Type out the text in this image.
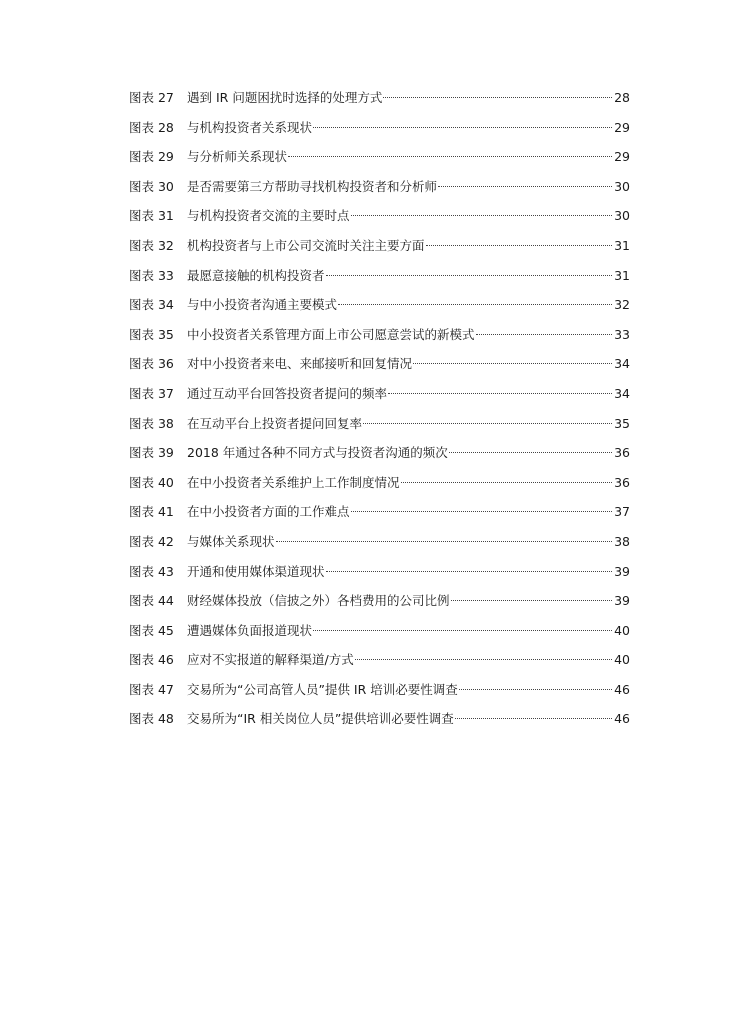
图表 27	遇到 IR 问题困扰时选择的处理方式	28
图表 28	与机构投资者关系现状	29
图表 29	与分析师关系现状	29
图表 30	是否需要第三方帮助寻找机构投资者和分析师	30
图表 31	与机构投资者交流的主要时点	30
图表 32	机构投资者与上市公司交流时关注主要方面	31
图表 33	最愿意接触的机构投资者	31
图表 34	与中小投资者沟通主要模式	32
图表 35	中小投资者关系管理方面上市公司愿意尝试的新模式	33
图表 36	对中小投资者来电、来邮接听和回复情况	34
图表 37	通过互动平台回答投资者提问的频率	34
图表 38	在互动平台上投资者提问回复率	35
图表 39	2018 年通过各种不同方式与投资者沟通的频次	36
图表 40	在中小投资者关系维护上工作制度情况	36
图表 41	在中小投资者方面的工作难点	37
图表 42	与媒体关系现状	38
图表 43	开通和使用媒体渠道现状	39
图表 44	财经媒体投放（信披之外）各档费用的公司比例	39
图表 45	遭遇媒体负面报道现状	40
图表 46	应对不实报道的解释渠道/方式	40
图表 47	交易所为“公司高管人员”提供 IR 培训必要性调查	46
图表 48	交易所为“IR 相关岗位人员”提供培训必要性调查	46
